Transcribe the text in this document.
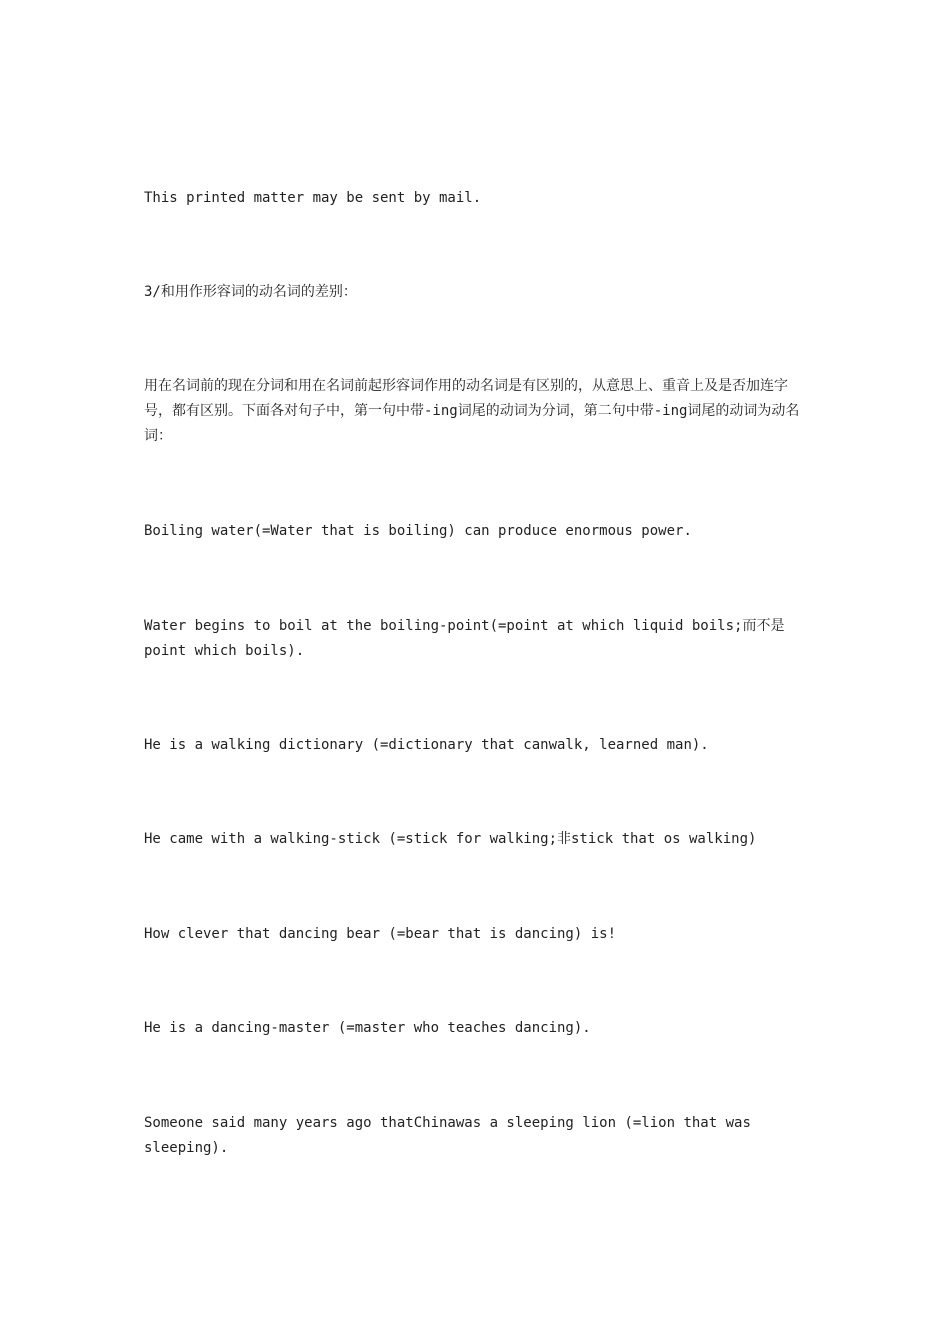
This printed matter may be sent by mail.

3/和用作形容词的动名词的差别：

用在名词前的现在分词和用在名词前起形容词作用的动名词是有区别的，从意思上、重音上及是否加连字号，都有区别。下面各对句子中，第一句中带-ing词尾的动词为分词，第二句中带-ing词尾的动词为动名词：

Boiling water(=Water that is boiling) can produce enormous power.

Water begins to boil at the boiling-point(=point at which liquid boils;而不是point which boils).

He is a walking dictionary (=dictionary that canwalk, learned man).

He came with a walking-stick (=stick for walking;非stick that os walking)

How clever that dancing bear (=bear that is dancing) is!

He is a dancing-master (=master who teaches dancing).

Someone said many years ago thatChinawas a sleeping lion (=lion that was sleeping).
